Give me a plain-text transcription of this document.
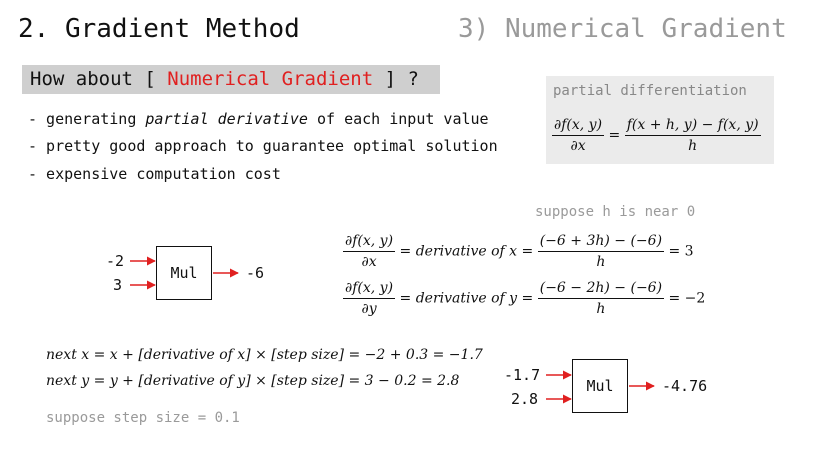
2. Gradient Method	3) Numerical Gradient
How about [ Numerical Gradient ] ?
- generating partial derivative of each input value
- pretty good approach to guarantee optimal solution
- expensive computation cost
partial differentiation
$\frac{\partial f(x, y)}{\partial x} = \frac{f(x + h, y) - f(x, y)}{h}$
suppose h is near 0
$\frac{\partial f(x, y)}{\partial x}$ = derivative of $x = \frac{(-6 + 3h) - (-6)}{h} = 3$
$\frac{\partial f(x, y)}{\partial y}$ = derivative of $y = \frac{(-6 - 2h) - (-6)}{h} = -2$
-2
3
Mul	-6
next x = x + [derivative of x] × [step size] = −2 + 0.3 = −1.7
next y = y + [derivative of y] × [step size] = 3 − 0.2 = 2.8
suppose step size = 0.1
-1.7
2.8
Mul	-4.76
